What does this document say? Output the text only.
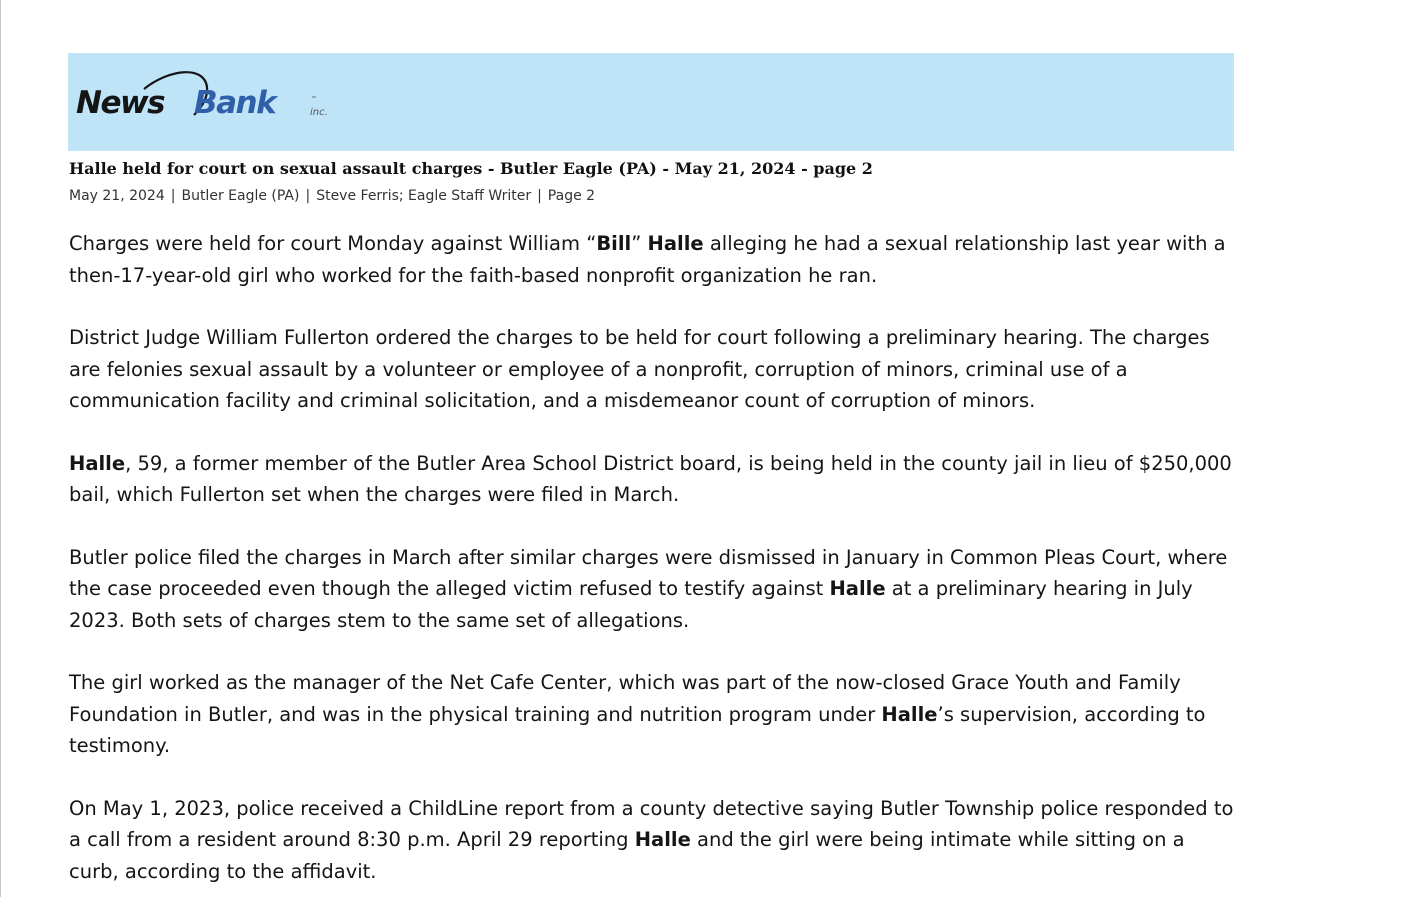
News Bank	inc.
Halle held for court on sexual assault charges - Butler Eagle (PA) - May 21, 2024 - page 2
May 21, 2024 | Butler Eagle (PA) | Steve Ferris; Eagle Staff Writer | Page 2

Charges were held for court Monday against William “Bill” Halle alleging he had a sexual relationship last year with a then-17-year-old girl who worked for the faith-based nonprofit organization he ran.

District Judge William Fullerton ordered the charges to be held for court following a preliminary hearing. The charges are felonies sexual assault by a volunteer or employee of a nonprofit, corruption of minors, criminal use of a communication facility and criminal solicitation, and a misdemeanor count of corruption of minors.

Halle, 59, a former member of the Butler Area School District board, is being held in the county jail in lieu of $250,000 bail, which Fullerton set when the charges were filed in March.

Butler police filed the charges in March after similar charges were dismissed in January in Common Pleas Court, where the case proceeded even though the alleged victim refused to testify against Halle at a preliminary hearing in July 2023. Both sets of charges stem to the same set of allegations.

The girl worked as the manager of the Net Cafe Center, which was part of the now-closed Grace Youth and Family Foundation in Butler, and was in the physical training and nutrition program under Halle’s supervision, according to testimony.

On May 1, 2023, police received a ChildLine report from a county detective saying Butler Township police responded to a call from a resident around 8:30 p.m. April 29 reporting Halle and the girl were being intimate while sitting on a curb, according to the affidavit.
